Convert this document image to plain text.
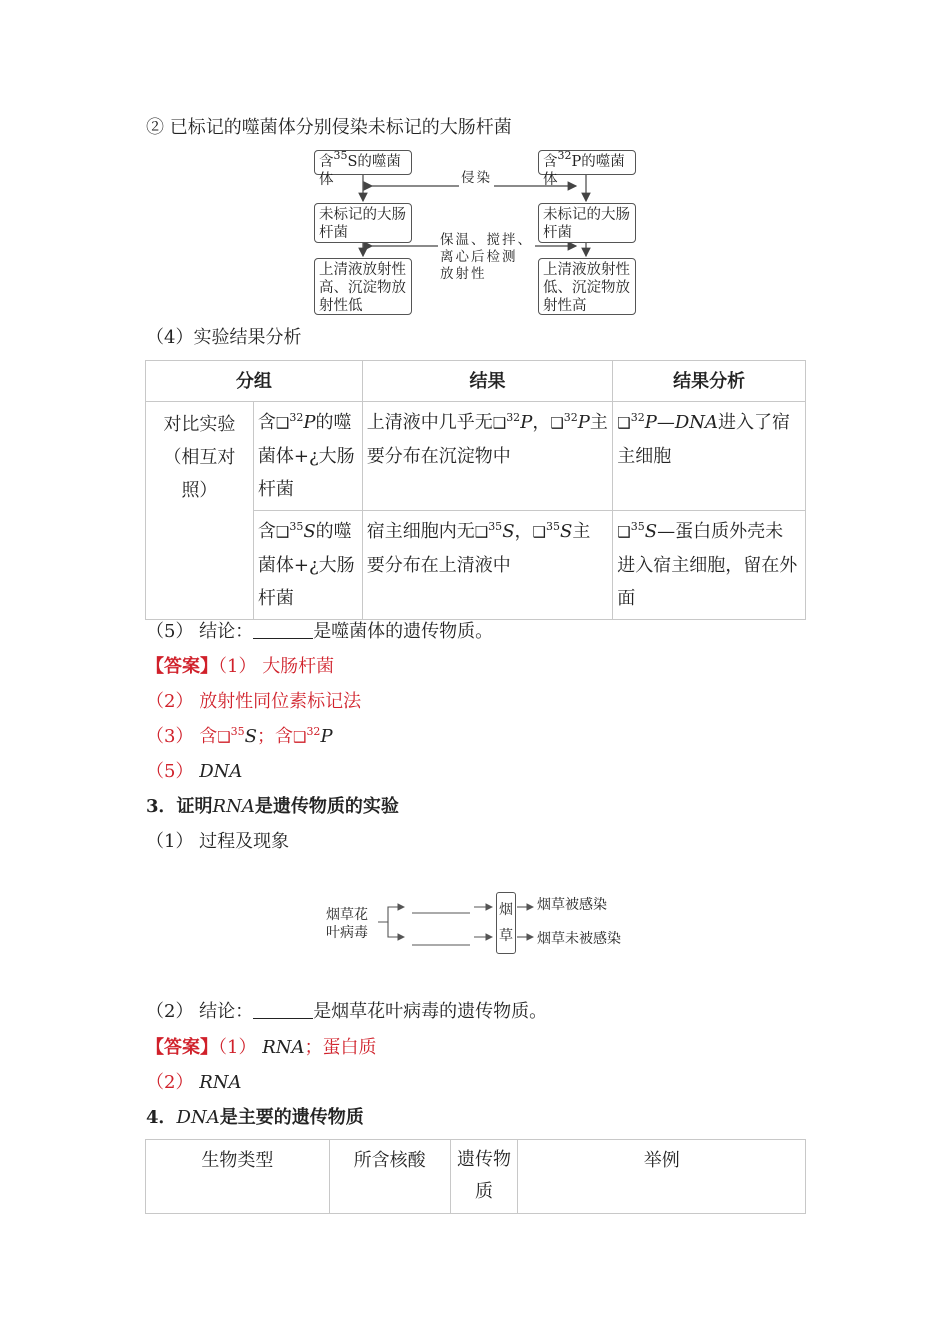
② 已标记的噬菌体分别侵染未标记的大肠杆菌
含$^{35}$S的噬菌体
含$^{32}$P的噬菌体
侵染
未标记的大肠杆菌
未标记的大肠杆菌
保温、搅拌、
离心后检测
放射性
上清液放射性高、沉淀物放射性低
上清液放射性低、沉淀物放射性高
（4）实验结果分析
分组		结果	结果分析
对比实验（相互对照）	含❑$^{32}$P的噬菌体+¿大肠杆菌	上清液中几乎无❑$^{32}$P，❑$^{32}$P主要分布在沉淀物中	❑$^{32}$P—DNA进入了宿主细胞
	含❑$^{35}$S的噬菌体+¿大肠杆菌	宿主细胞内无❑$^{35}$S，❑$^{35}$S主要分布在上清液中	❑$^{35}$S—蛋白质外壳未进入宿主细胞，留在外面
（5） 结论：	是噬菌体的遗传物质。
【答案】（1） 大肠杆菌
（2） 放射性同位素标记法
（3） 含❑$^{35}$S；含❑$^{32}$P
（5） DNA
3．证明RNA是遗传物质的实验
（1） 过程及现象
烟草花叶病毒
烟草
烟草被感染
烟草未被感染
（2） 结论：	是烟草花叶病毒的遗传物质。
【答案】（1） RNA；蛋白质
（2） RNA
4．DNA是主要的遗传物质
生物类型	所含核酸	遗传物质	举例
